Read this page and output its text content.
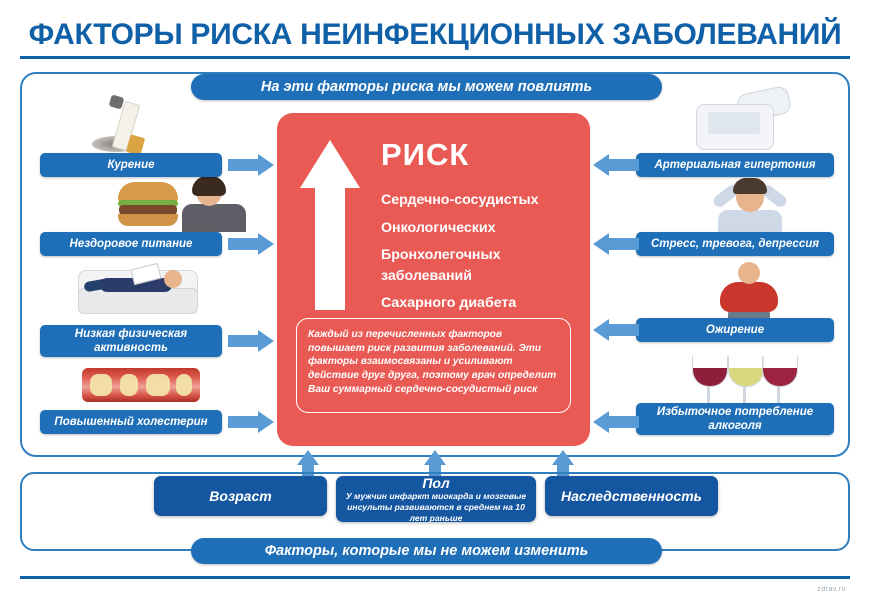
ФАКТОРЫ РИСКА НЕИНФЕКЦИОННЫХ ЗАБОЛЕВАНИЙ
На эти факторы риска мы можем повлиять
РИСК
Сердечно-сосудистых
Онкологических
Бронхолегочных заболеваний
Сахарного диабета
Каждый из перечисленных факторов повышает риск развития заболеваний. Эти факторы взаимосвязаны и усиливают действие друг друга, поэтому врач определит Ваш суммарный сердечно-сосудистый риск
Курение
Нездоровое питание
Низкая физическая активность
Повышенный холестерин
Артериальная гипертония
Стресс, тревога, депрессия
Ожирение
Избыточное потребление алкоголя
Возраст
Пол
У мужчин инфаркт миокарда и мозговые инсульты развиваются в среднем на 10 лет раньше
Наследственность
Факторы, которые мы не можем изменить
zdrav.ru
